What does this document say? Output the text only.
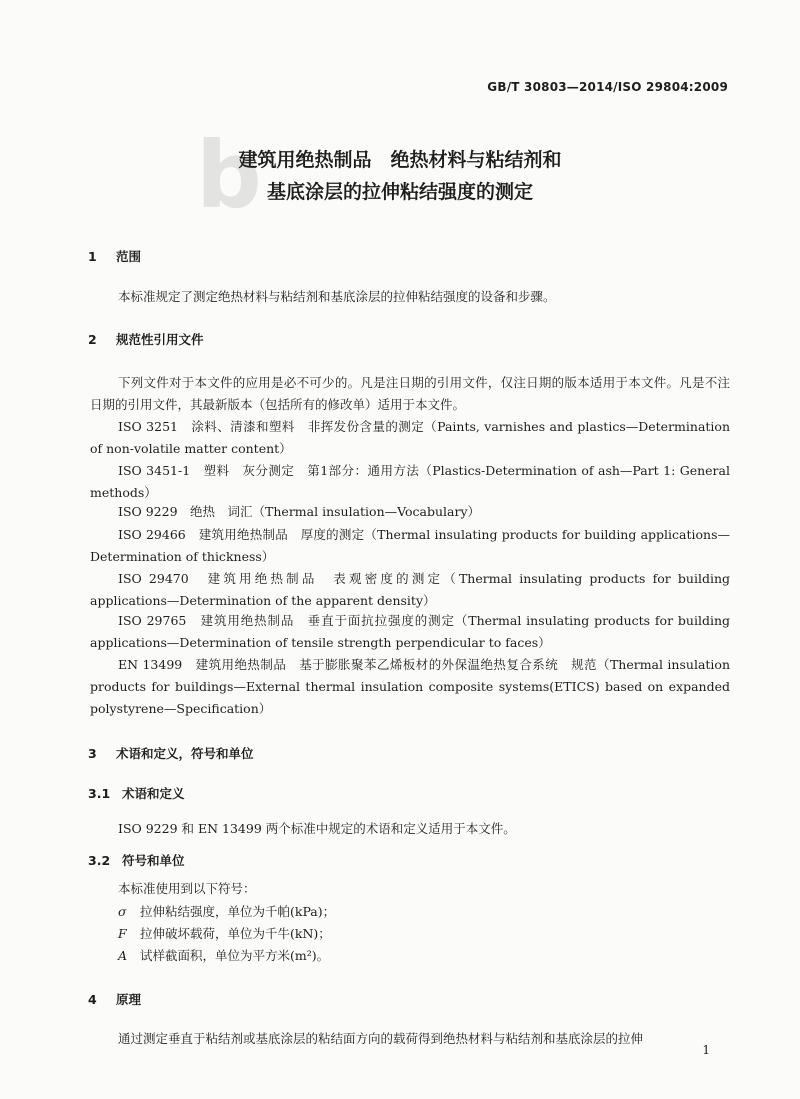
b
GB/T 30803—2014/ISO 29804:2009
建筑用绝热制品　绝热材料与粘结剂和
基底涂层的拉伸粘结强度的测定
1 范围
本标准规定了测定绝热材料与粘结剂和基底涂层的拉伸粘结强度的设备和步骤。
2 规范性引用文件
下列文件对于本文件的应用是必不可少的。凡是注日期的引用文件，仅注日期的版本适用于本文件。凡是不注日期的引用文件，其最新版本（包括所有的修改单）适用于本文件。
ISO 3251　涂料、清漆和塑料　非挥发份含量的测定（Paints, varnishes and plastics—Determination of non-volatile matter content）
ISO 3451-1　塑料　灰分测定　第1部分：通用方法（Plastics-Determination of ash—Part 1: General methods）
ISO 9229　绝热　词汇（Thermal insulation—Vocabulary）
ISO 29466　建筑用绝热制品　厚度的测定（Thermal insulating products for building applications—Determination of thickness）
ISO 29470　建筑用绝热制品　表观密度的测定（Thermal insulating products for building applications—Determination of the apparent density）
ISO 29765　建筑用绝热制品　垂直于面抗拉强度的测定（Thermal insulating products for building applications—Determination of tensile strength perpendicular to faces）
EN 13499　建筑用绝热制品　基于膨胀聚苯乙烯板材的外保温绝热复合系统　规范（Thermal insulation products for buildings—External thermal insulation composite systems(ETICS) based on expanded polystyrene—Specification）
3 术语和定义，符号和单位
3.1 术语和定义
ISO 9229 和 EN 13499 两个标准中规定的术语和定义适用于本文件。
3.2 符号和单位
本标准使用到以下符号：
σ 拉伸粘结强度，单位为千帕(kPa)；
F 拉伸破坏载荷，单位为千牛(kN)；
A 试样截面积，单位为平方米(m²)。
4 原理
通过测定垂直于粘结剂或基底涂层的粘结面方向的载荷得到绝热材料与粘结剂和基底涂层的拉伸
1
